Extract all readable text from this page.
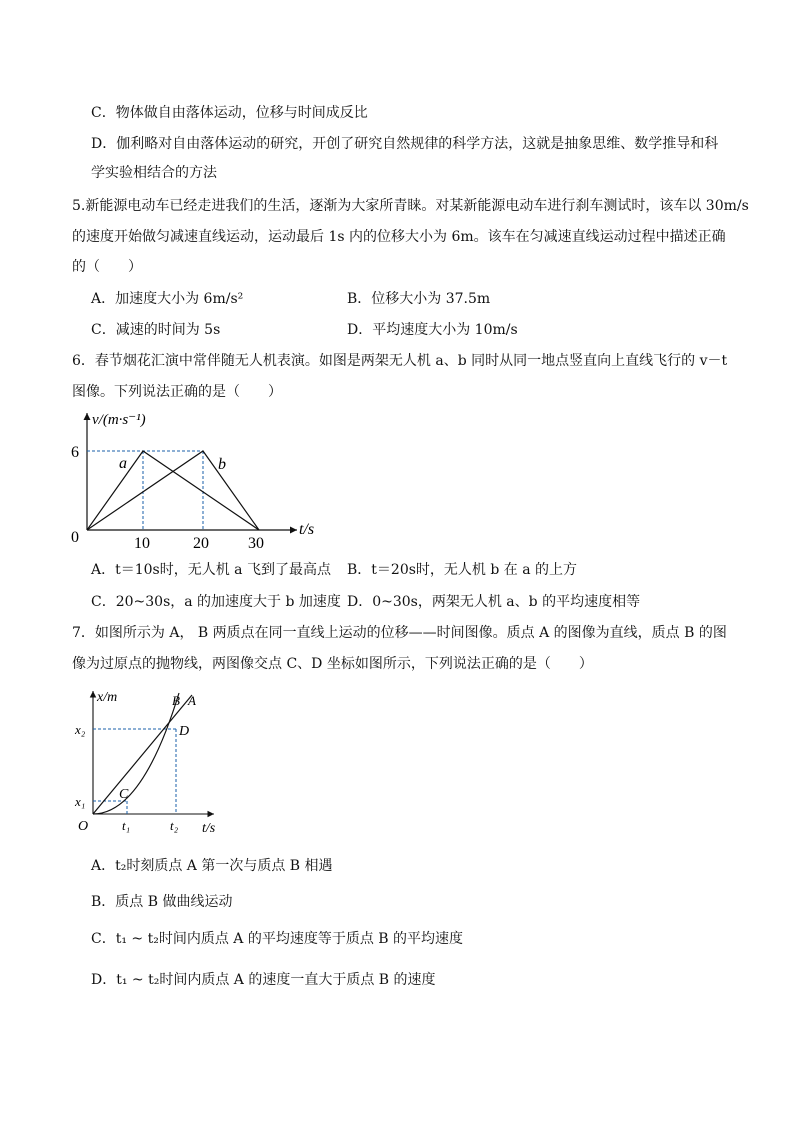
C．物体做自由落体运动，位移与时间成反比
D．伽利略对自由落体运动的研究，开创了研究自然规律的科学方法，这就是抽象思维、数学推导和科
学实验相结合的方法
5.新能源电动车已经走进我们的生活，逐渐为大家所青睐。对某新能源电动车进行刹车测试时，该车以 30m/s
的速度开始做匀减速直线运动，运动最后 1s 内的位移大小为 6m。该车在匀减速直线运动过程中描述正确
的（　　）
A．加速度大小为 6m/s²	B．位移大小为 37.5m
C．减速的时间为 5s	D．平均速度大小为 10m/s
6．春节烟花汇演中常伴随无人机表演。如图是两架无人机 a、b 同时从同一地点竖直向上直线飞行的 v－t
图像。下列说法正确的是（　　）
v/(m·s⁻¹)
t/s
6
0	10	20 30
a	b
A．t＝10s时，无人机 a 飞到了最高点 B．t＝20s时，无人机 b 在 a 的上方
C．20~30s，a 的加速度大于 b 加速度 D．0~30s，两架无人机 a、b 的平均速度相等
7．如图所示为 A， B 两质点在同一直线上运动的位移——时间图像。质点 A 的图像为直线，质点 B 的图
像为过原点的抛物线，两图像交点 C、D 坐标如图所示，下列说法正确的是（　　）
x/m
t/s
x₂
x₁
O	t₁	t₂
C
D
B A
A．t₂时刻质点 A 第一次与质点 B 相遇
B．质点 B 做曲线运动
C．t₁ ~ t₂时间内质点 A 的平均速度等于质点 B 的平均速度
D．t₁ ~ t₂时间内质点 A 的速度一直大于质点 B 的速度
